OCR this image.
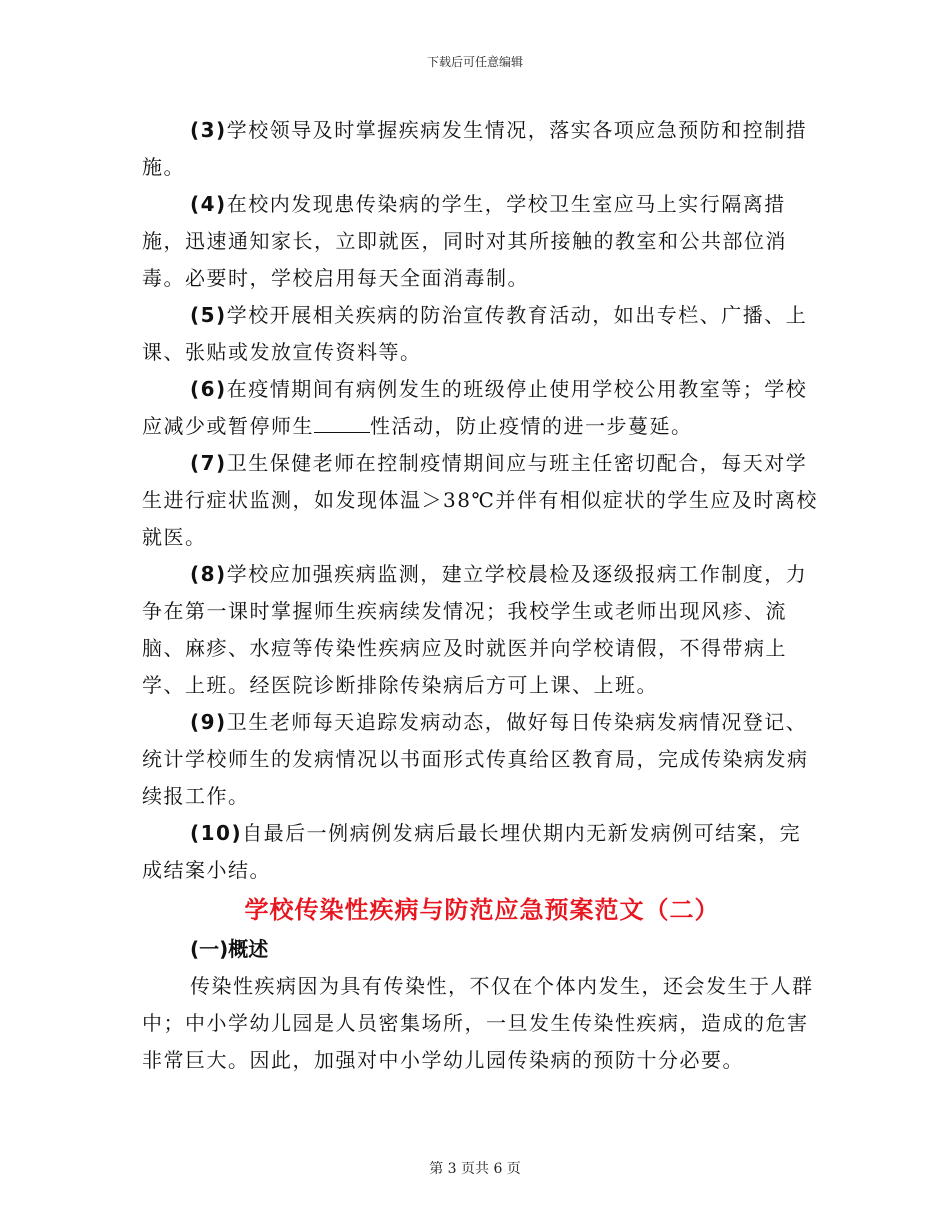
下载后可任意编辑

(3)学校领导及时掌握疾病发生情况，落实各项应急预防和控制措施。

(4)在校内发现患传染病的学生，学校卫生室应马上实行隔离措施，迅速通知家长，立即就医，同时对其所接触的教室和公共部位消毒。必要时，学校启用每天全面消毒制。

(5)学校开展相关疾病的防治宣传教育活动，如出专栏、广播、上课、张贴或发放宣传资料等。

(6)在疫情期间有病例发生的班级停止使用学校公用教室等；学校应减少或暂停师生	性活动，防止疫情的进一步蔓延。

(7)卫生保健老师在控制疫情期间应与班主任密切配合，每天对学生进行症状监测，如发现体温＞38℃并伴有相似症状的学生应及时离校就医。

(8)学校应加强疾病监测，建立学校晨检及逐级报病工作制度，力争在第一课时掌握师生疾病续发情况；我校学生或老师出现风疹、流脑、麻疹、水痘等传染性疾病应及时就医并向学校请假，不得带病上学、上班。经医院诊断排除传染病后方可上课、上班。

(9)卫生老师每天追踪发病动态，做好每日传染病发病情况登记、统计学校师生的发病情况以书面形式传真给区教育局，完成传染病发病续报工作。

(10)自最后一例病例发病后最长埋伏期内无新发病例可结案，完成结案小结。

学校传染性疾病与防范应急预案范文（二）

(一)概述

传染性疾病因为具有传染性，不仅在个体内发生，还会发生于人群中；中小学幼儿园是人员密集场所，一旦发生传染性疾病，造成的危害非常巨大。因此，加强对中小学幼儿园传染病的预防十分必要。

第 3 页共 6 页
